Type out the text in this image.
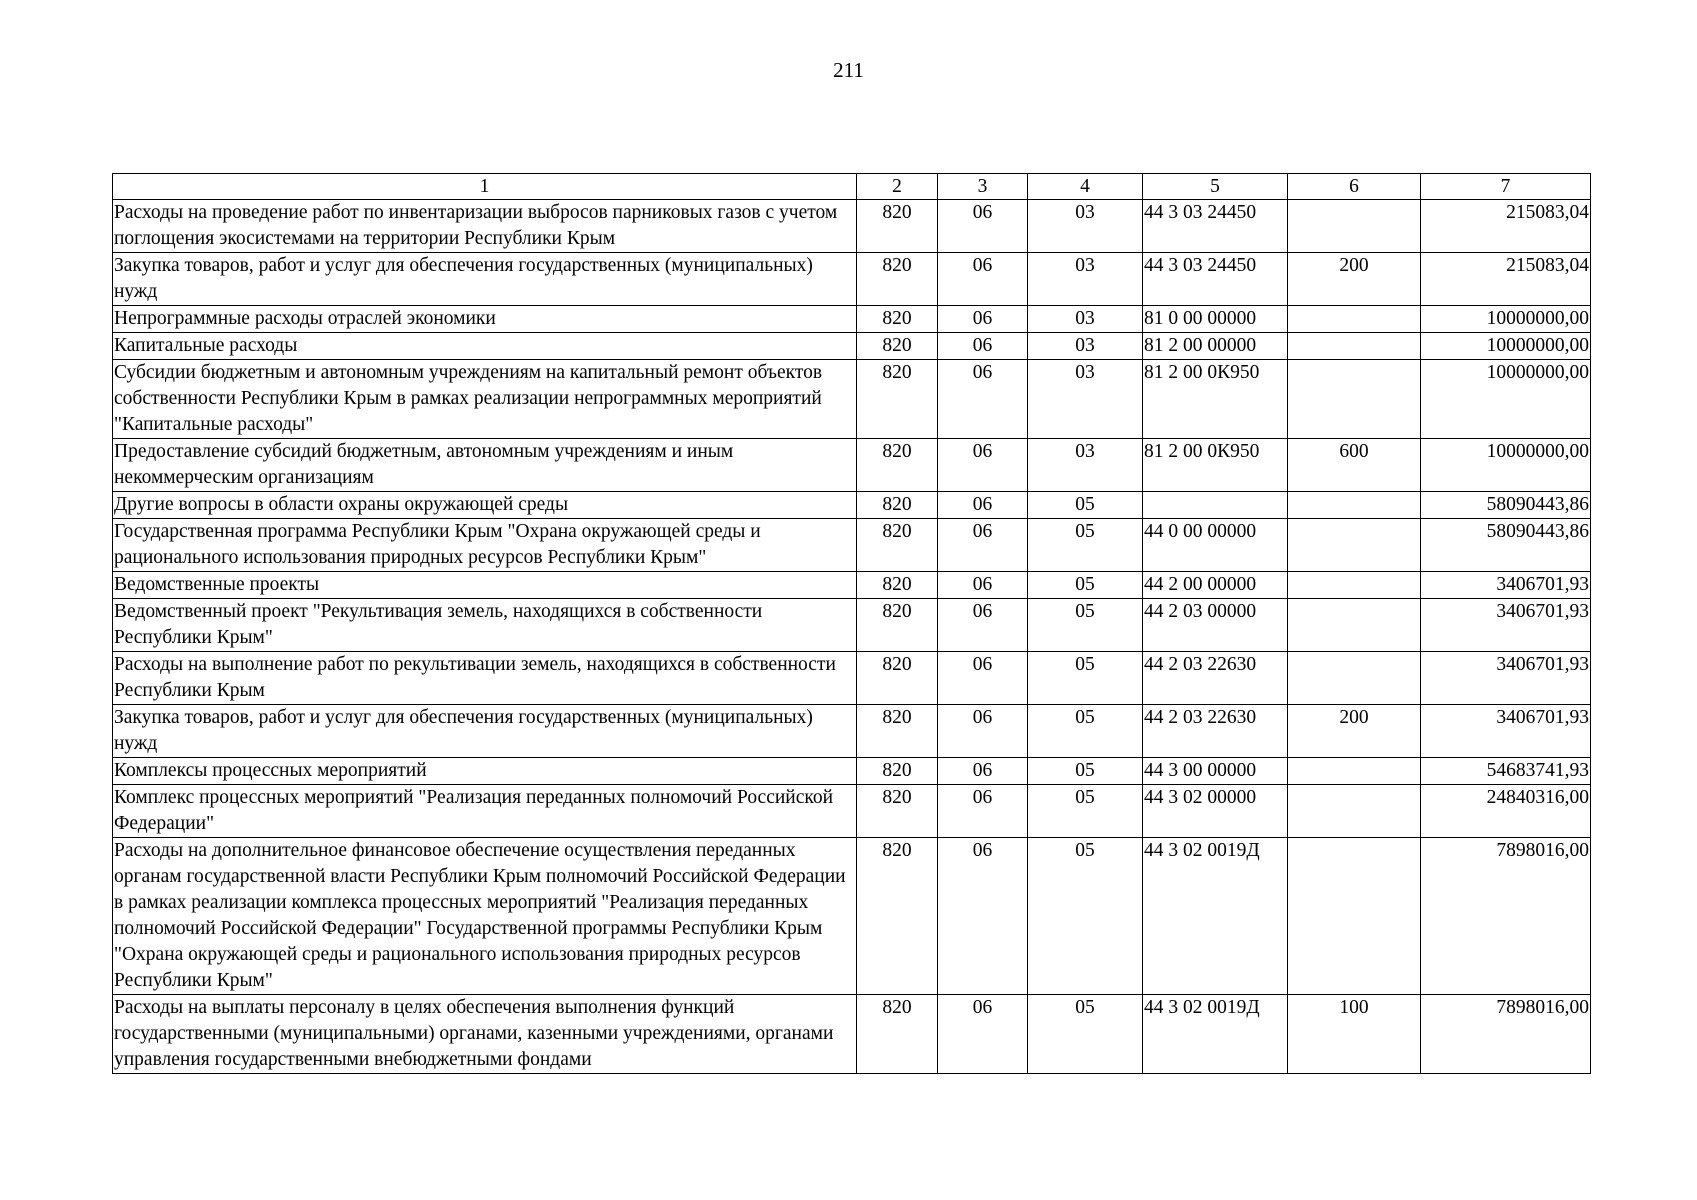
211
1	2	3	4	5	6	7
Расходы на проведение работ по инвентаризации выбросов парниковых газов с учетом поглощения экосистемами на территории Республики Крым	820	06	03	44 3 03 24450		215083,04
Закупка товаров, работ и услуг для обеспечения государственных (муниципальных) нужд	820	06	03	44 3 03 24450	200	215083,04
Непрограммные расходы отраслей экономики	820	06	03	81 0 00 00000		10000000,00
Капитальные расходы	820	06	03	81 2 00 00000		10000000,00
Субсидии бюджетным и автономным учреждениям на капитальный ремонт объектов собственности Республики Крым в рамках реализации непрограммных мероприятий "Капитальные расходы"	820	06	03	81 2 00 0К950		10000000,00
Предоставление субсидий бюджетным, автономным учреждениям и иным некоммерческим организациям	820	06	03	81 2 00 0К950	600	10000000,00
Другие вопросы в области охраны окружающей среды	820	06	05			58090443,86
Государственная программа Республики Крым "Охрана окружающей среды и рационального использования природных ресурсов Республики Крым"	820	06	05	44 0 00 00000		58090443,86
Ведомственные проекты	820	06	05	44 2 00 00000		3406701,93
Ведомственный проект "Рекультивация земель, находящихся в собственности Республики Крым"	820	06	05	44 2 03 00000		3406701,93
Расходы на выполнение работ по рекультивации земель, находящихся в собственности Республики Крым	820	06	05	44 2 03 22630		3406701,93
Закупка товаров, работ и услуг для обеспечения государственных (муниципальных) нужд	820	06	05	44 2 03 22630	200	3406701,93
Комплексы процессных мероприятий	820	06	05	44 3 00 00000		54683741,93
Комплекс процессных мероприятий "Реализация переданных полномочий Российской Федерации"	820	06	05	44 3 02 00000		24840316,00
Расходы на дополнительное финансовое обеспечение осуществления переданных органам государственной власти Республики Крым полномочий Российской Федерации в рамках реализации комплекса процессных мероприятий "Реализация переданных полномочий Российской Федерации" Государственной программы Республики Крым "Охрана окружающей среды и рационального использования природных ресурсов Республики Крым"	820	06	05	44 3 02 0019Д		7898016,00
Расходы на выплаты персоналу в целях обеспечения выполнения функций государственными (муниципальными) органами, казенными учреждениями, органами управления государственными внебюджетными фондами	820	06	05	44 3 02 0019Д	100	7898016,00
